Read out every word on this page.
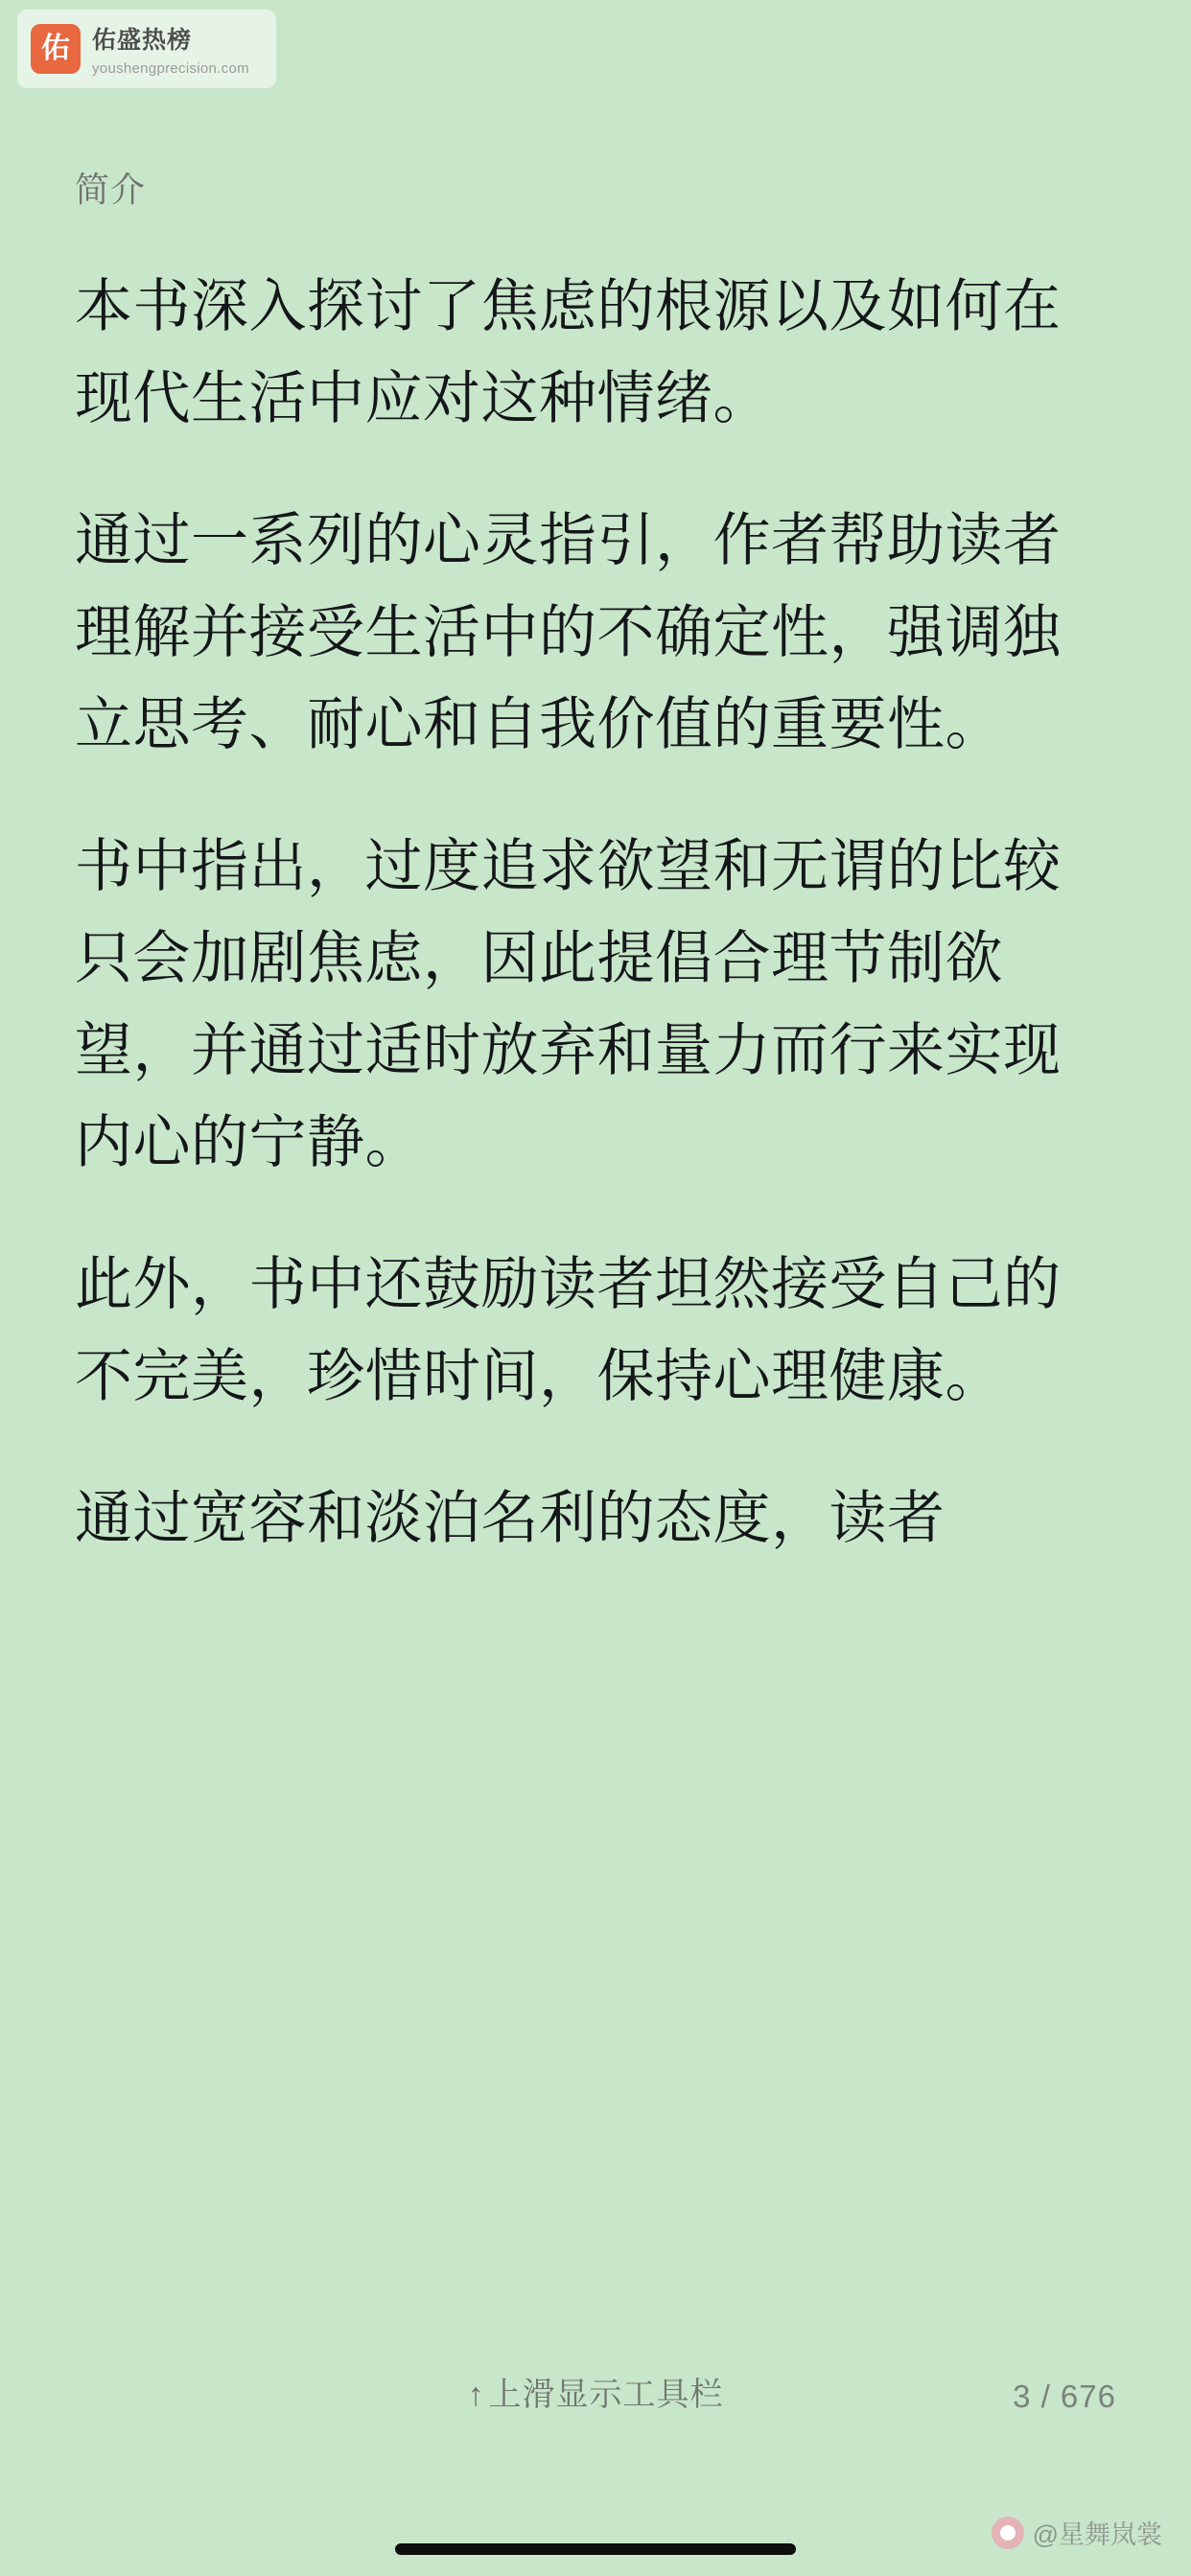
佑 佑盛热榜
youshengprecision.com
简介

本书深入探讨了焦虑的根源以及如何在现代生活中应对这种情绪。

通过一系列的心灵指引，作者帮助读者理解并接受生活中的不确定性，强调独立思考、耐心和自我价值的重要性。

书中指出，过度追求欲望和无谓的比较只会加剧焦虑，因此提倡合理节制欲望，并通过适时放弃和量力而行来实现内心的宁静。

此外，书中还鼓励读者坦然接受自己的不完美，珍惜时间，保持心理健康。

通过宽容和淡泊名利的态度，读者

↑ 上滑显示工具栏	3 / 676
@星舞岚裳
